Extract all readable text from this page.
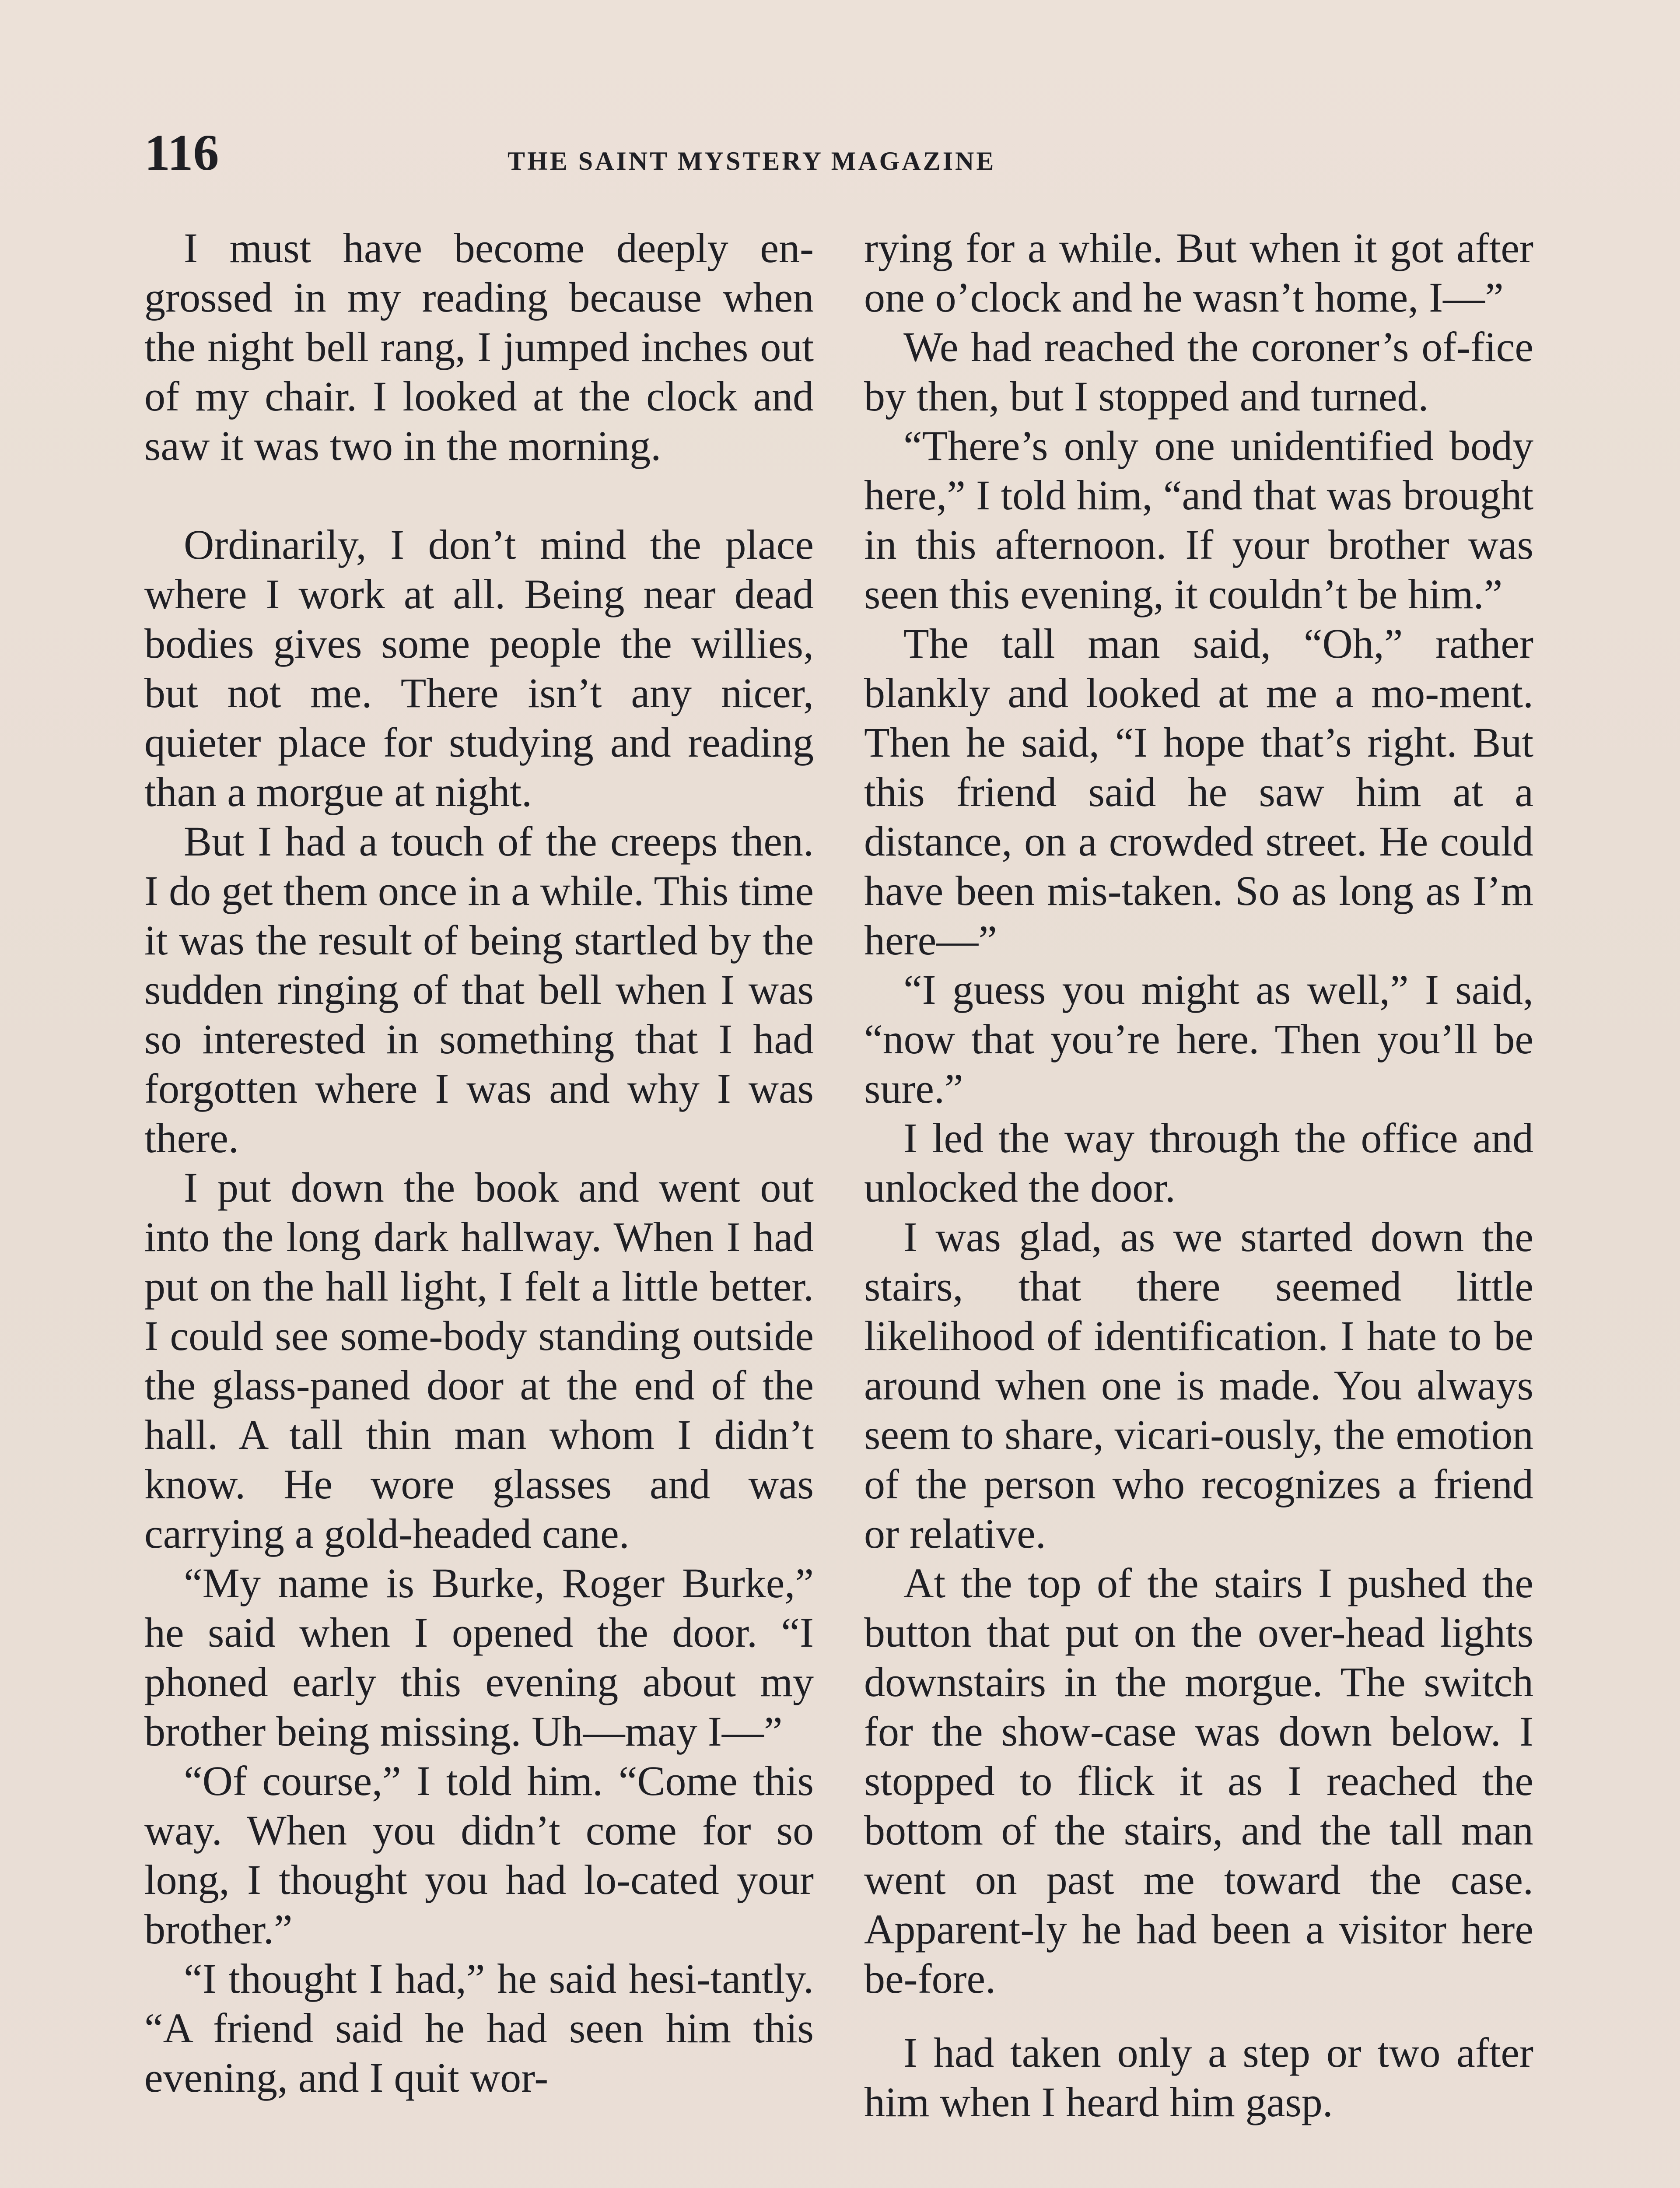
116	THE SAINT MYSTERY MAGAZINE

I must have become deeply en-grossed in my reading because when the night bell rang, I jumped inches out of my chair. I looked at the clock and saw it was two in the morning.

Ordinarily, I don’t mind the place where I work at all. Being near dead bodies gives some people the willies, but not me. There isn’t any nicer, quieter place for studying and reading than a morgue at night.

But I had a touch of the creeps then. I do get them once in a while. This time it was the result of being startled by the sudden ringing of that bell when I was so interested in something that I had forgotten where I was and why I was there.

I put down the book and went out into the long dark hallway. When I had put on the hall light, I felt a little better. I could see some-body standing outside the glass-paned door at the end of the hall. A tall thin man whom I didn’t know. He wore glasses and was carrying a gold-headed cane.

“My name is Burke, Roger Burke,” he said when I opened the door. “I phoned early this evening about my brother being missing. Uh—may I—”

“Of course,” I told him. “Come this way. When you didn’t come for so long, I thought you had lo-cated your brother.”

“I thought I had,” he said hesi-tantly. “A friend said he had seen him this evening, and I quit wor-

rying for a while. But when it got after one o’clock and he wasn’t home, I—”

We had reached the coroner’s of-fice by then, but I stopped and turned.

“There’s only one unidentified body here,” I told him, “and that was brought in this afternoon. If your brother was seen this evening, it couldn’t be him.”

The tall man said, “Oh,” rather blankly and looked at me a mo-ment. Then he said, “I hope that’s right. But this friend said he saw him at a distance, on a crowded street. He could have been mis-taken. So as long as I’m here—”

“I guess you might as well,” I said, “now that you’re here. Then you’ll be sure.”

I led the way through the office and unlocked the door.

I was glad, as we started down the stairs, that there seemed little likelihood of identification. I hate to be around when one is made. You always seem to share, vicari-ously, the emotion of the person who recognizes a friend or relative.

At the top of the stairs I pushed the button that put on the over-head lights downstairs in the morgue. The switch for the show-case was down below. I stopped to flick it as I reached the bottom of the stairs, and the tall man went on past me toward the case. Apparent-ly he had been a visitor here be-fore.

I had taken only a step or two after him when I heard him gasp.
